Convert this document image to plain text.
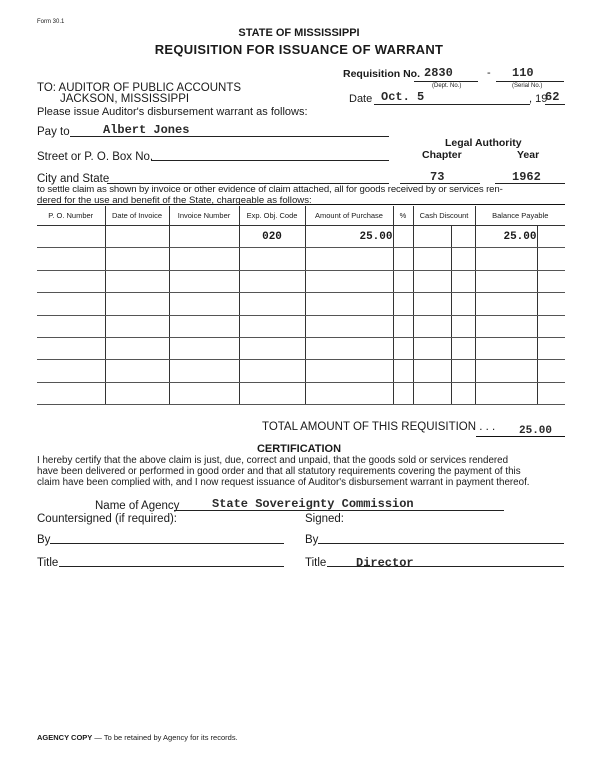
Form 30.1
STATE OF MISSISSIPPI
REQUISITION FOR ISSUANCE OF WARRANT
Requisition No. 2830
(Dept. No.)
- 110
(Serial No.)
TO: AUDITOR OF PUBLIC ACCOUNTS
JACKSON, MISSISSIPPI
Please issue Auditor's disbursement warrant as follows:
Date Oct. 5	, 19
62
Pay to	Albert Jones
Legal Authority
Chapter	Year
Street or P. O. Box No.
City and State	73	1962
to settle claim as shown by invoice or other evidence of claim attached, all for goods received by or services ren-
dered for the use and benefit of the State, chargeable as follows:
P. O. Number	Date of Invoice	Invoice Number	Exp. Obj. Code	Amount of Purchase	%	Cash Discount		Balance Payable	
			020	25.00				25.00	

TOTAL AMOUNT OF THIS REQUISITION . . . 25.00
CERTIFICATION
I hereby certify that the above claim is just, due, correct and unpaid, that the goods sold or services rendered
have been delivered or performed in good order and that all statutory requirements covering the payment of this
claim have been complied with, and I now request issuance of Auditor's disbursement warrant in payment thereof.
Name of Agency	State Sovereignty Commission
Countersigned (if required):	Signed:
By	By
Title	Title Director
AGENCY COPY — To be retained by Agency for its records.
